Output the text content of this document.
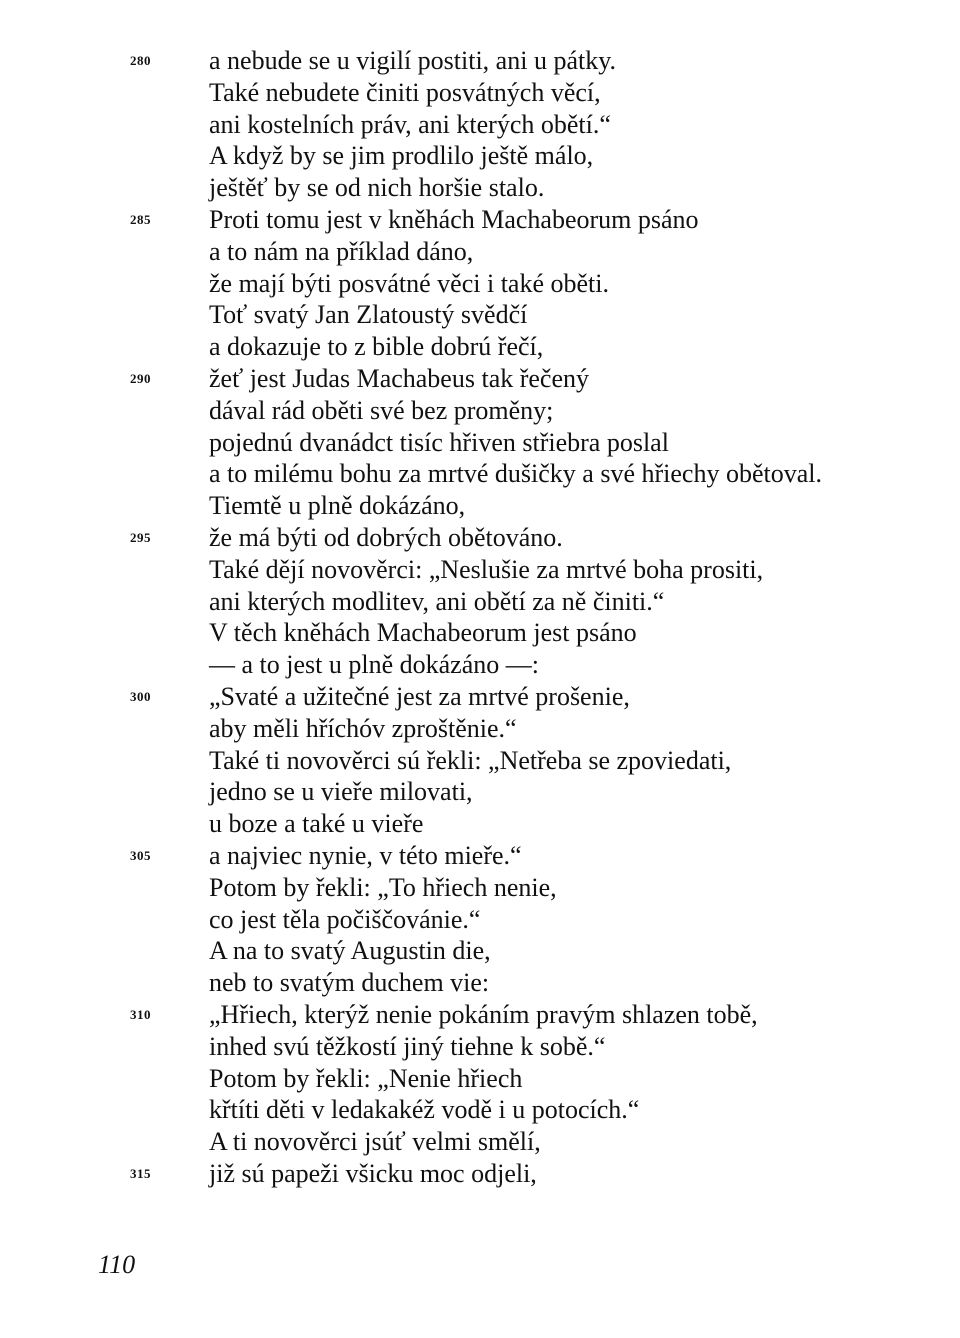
280	a nebude se u vigilí postiti, ani u pátky.
Také nebudete činiti posvátných věcí,
ani kostelních práv, ani kterých obětí.“
A když by se jim prodlilo ještě málo,
ještěť by se od nich horšie stalo.
285	Proti tomu jest v kněhách Machabeorum psáno
a to nám na příklad dáno,
že mají býti posvátné věci i také oběti.
Toť svatý Jan Zlatoustý svědčí
a dokazuje to z bible dobrú řečí,
290	žeť jest Judas Machabeus tak řečený
dával rád oběti své bez proměny;
pojednú dvanádct tisíc hřiven střiebra poslal
a to milému bohu za mrtvé dušičky a své hřiechy obětoval.
Tiemtě u plně dokázáno,
295	že má býti od dobrých obětováno.
Také dějí novověrci: „Neslušie za mrtvé boha prositi,
ani kterých modlitev, ani obětí za ně činiti.“
V těch kněhách Machabeorum jest psáno
— a to jest u plně dokázáno —:
300	„Svaté a užitečné jest za mrtvé prošenie,
aby měli hříchóv zproštěnie.“
Také ti novověrci sú řekli: „Netřeba se zpoviedati,
jedno se u vieře milovati,
u boze a také u vieře
305	a najviec nynie, v této mieře.“
Potom by řekli: „To hřiech nenie,
co jest těla počiščovánie.“
A na to svatý Augustin die,
neb to svatým duchem vie:
310	„Hřiech, kterýž nenie pokáním pravým shlazen tobě,
inhed svú těžkostí jiný tiehne k sobě.“
Potom by řekli: „Nenie hřiech
křtíti děti v ledakakéž vodě i u potocích.“
A ti novověrci jsúť velmi smělí,
315	již sú papeži všicku moc odjeli,
110
